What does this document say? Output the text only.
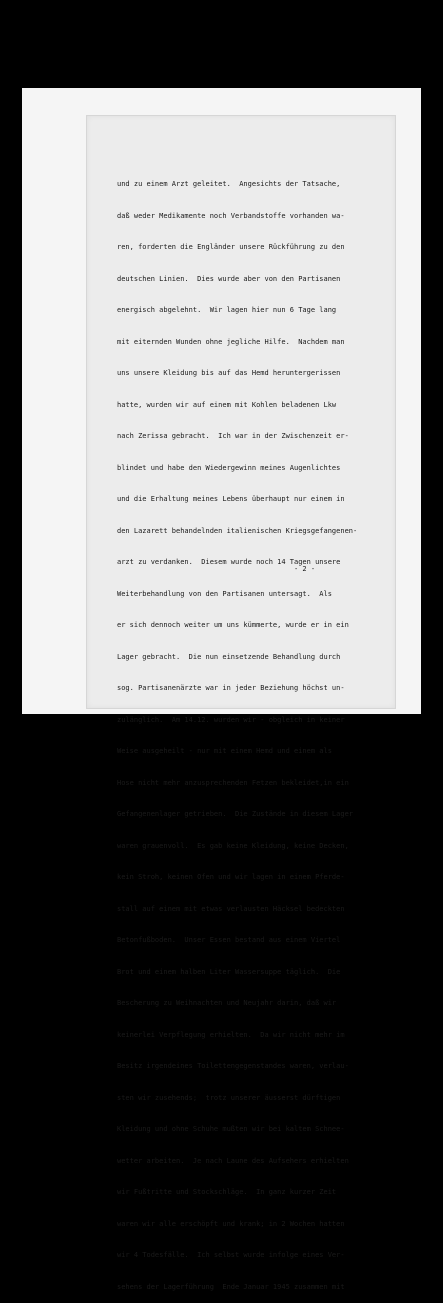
und zu einem Arzt geleitet.  Angesichts der Tatsache,

daß weder Medikamente noch Verbandstoffe vorhanden wa-

ren, forderten die Engländer unsere Rückführung zu den

deutschen Linien.  Dies wurde aber von den Partisanen

energisch abgelehnt.  Wir lagen hier nun 6 Tage lang

mit eiternden Wunden ohne jegliche Hilfe.  Nachdem man

uns unsere Kleidung bis auf das Hemd heruntergerissen

hatte, wurden wir auf einem mit Kohlen beladenen Lkw

nach Zerissa gebracht.  Ich war in der Zwischenzeit er-

blindet und habe den Wiedergewinn meines Augenlichtes

und die Erhaltung meines Lebens überhaupt nur einem in

den Lazarett behandelnden italienischen Kriegsgefangenen-

arzt zu verdanken.  Diesem wurde noch 14 Tagen unsere

Weiterbehandlung von den Partisanen untersagt.  Als

er sich dennoch weiter um uns kümmerte, wurde er in ein

Lager gebracht.  Die nun einsetzende Behandlung durch

sog. Partisanenärzte war in jeder Beziehung höchst un-

zulänglich.  Am 14.12. wurden wir - obgleich in keiner

Weise ausgeheilt - nur mit einem Hemd und einem als

Hose nicht mehr anzusprechenden Fetzen bekleidet,in ein

Gefangenenlager getrieben.  Die Zustände in diesem Lager

waren grauenvoll.  Es gab keine Kleidung, keine Decken,

kein Stroh, keinen Ofen und wir lagen in einem Pferde-

stall auf einem mit etwas verlausten Häcksel bedeckten

Betonfußboden.  Unser Essen bestand aus einem Viertel

Brot und einem halben Liter Wassersuppe täglich.  Die

Bescherung zu Weihnachten und Neujahr darin, daß wir

keinerlei Verpflegung erhielten.  Da wir nicht mehr im

Besitz irgendeines Toilettengegenstandes waren, verlau-

sten wir zusehends;  trotz unserer äusserst dürftigen

Kleidung und ohne Schuhe mußten wir bei kaltem Schnee-

wetter arbeiten.  Je nach Laune des Aufsehers erhielten

wir Fußtritte und Stockschläge.  In ganz kurzer Zeit

waren wir alle erschöpft und krank; in 2 Wochen hatten

wir 4 Todesfälle.  Ich selbst wurde infolge eines Ver-

sehens der Lagerführung  Ende Januar 1945 zusammen mit

- 2 -
